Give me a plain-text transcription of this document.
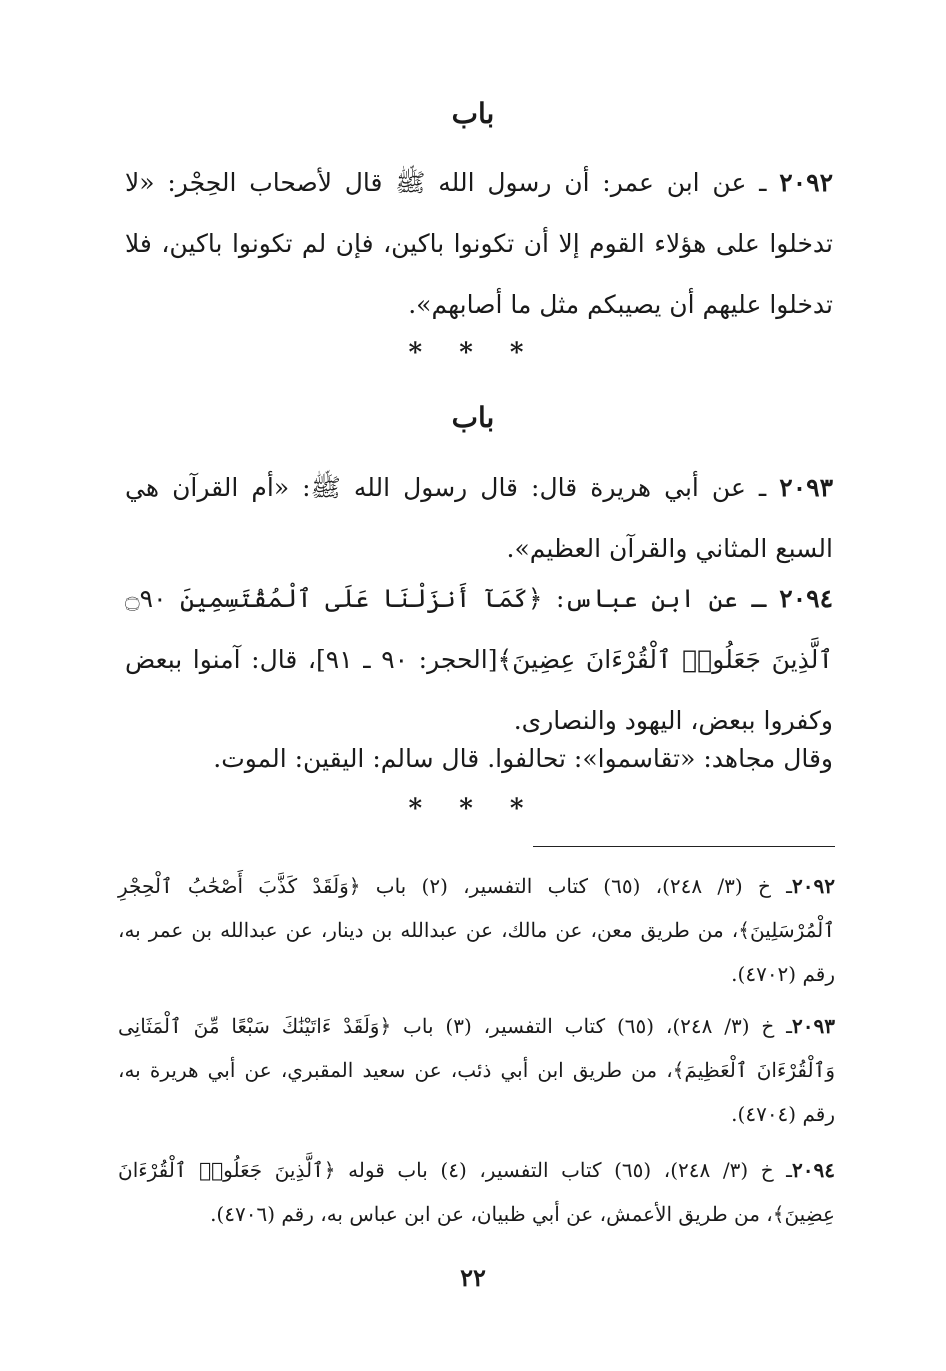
باب
٢٠٩٢ ـ عن ابن عمر: أن رسول الله ﷺ قال لأصحاب الحِجْر: «لا تدخلوا على هؤلاء القوم إلا أن تكونوا باكين، فإن لم تكونوا باكين، فلا تدخلوا عليهم أن يصيبكم مثل ما أصابهم».
* * *
باب
٢٠٩٣ ـ عن أبي هريرة قال: قال رسول الله ﷺ: «أم القرآن هي السبع المثاني والقرآن العظيم».
٢٠٩٤ ـ عن ابن عباس: ﴿كَمَآ أَنزَلْنَا عَلَى ٱلْمُقْتَسِمِينَ ۝٩٠ ٱلَّذِينَ جَعَلُوا۟ ٱلْقُرْءَانَ عِضِينَ﴾[الحجر: ٩٠ ـ ٩١]، قال: آمنوا ببعض وكفروا ببعض، اليهود والنصارى.
وقال مجاهد: «تقاسموا»: تحالفوا. قال سالم: اليقين: الموت.
* * *
٢٠٩٢ـ خ (٣/ ٢٤٨)، (٦٥) كتاب التفسير، (٢) باب ﴿وَلَقَدْ كَذَّبَ أَصْحَٰبُ ٱلْحِجْرِ ٱلْمُرْسَلِينَ﴾، من طريق معن، عن مالك، عن عبدالله بن دينار، عن عبدالله بن عمر به، رقم (٤٧٠٢).
٢٠٩٣ـ خ (٣/ ٢٤٨)، (٦٥) كتاب التفسير، (٣) باب ﴿وَلَقَدْ ءَاتَيْنَٰكَ سَبْعًا مِّنَ ٱلْمَثَانِى وَٱلْقُرْءَانَ ٱلْعَظِيمَ﴾، من طريق ابن أبي ذئب، عن سعيد المقبري، عن أبي هريرة به، رقم (٤٧٠٤).
٢٠٩٤ـ خ (٣/ ٢٤٨)، (٦٥) كتاب التفسير، (٤) باب قوله ﴿ٱلَّذِينَ جَعَلُوا۟ ٱلْقُرْءَانَ عِضِينَ﴾، من طريق الأعمش، عن أبي ظبيان، عن ابن عباس به، رقم (٤٧٠٦).
٢٢
